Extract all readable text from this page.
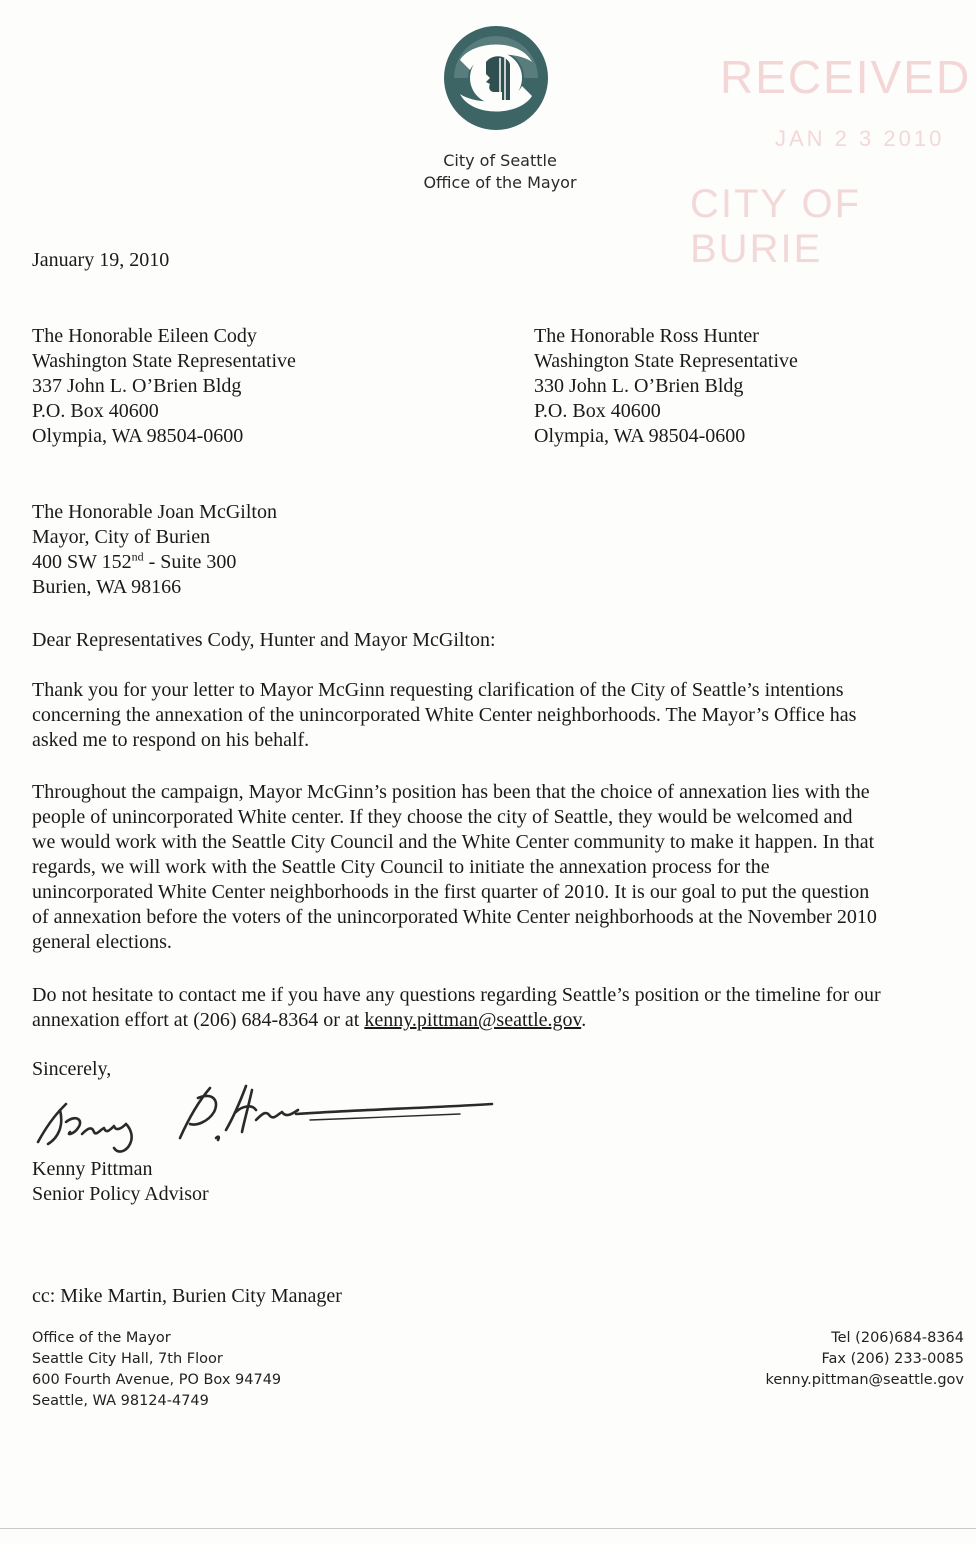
City of Seattle
Office of the Mayor
RECEIVED
JAN 2 3 2010
CITY OF BURIE
January 19, 2010
The Honorable Eileen Cody
Washington State Representative
337 John L. O’Brien Bldg
P.O. Box 40600
Olympia, WA 98504-0600
The Honorable Ross Hunter
Washington State Representative
330 John L. O’Brien Bldg
P.O. Box 40600
Olympia, WA 98504-0600
The Honorable Joan McGilton
Mayor, City of Burien
400 SW 152nd - Suite 300
Burien, WA 98166
Dear Representatives Cody, Hunter and Mayor McGilton:
Thank you for your letter to Mayor McGinn requesting clarification of the City of Seattle’s intentions
concerning the annexation of the unincorporated White Center neighborhoods. The Mayor’s Office has
asked me to respond on his behalf.
Throughout the campaign, Mayor McGinn’s position has been that the choice of annexation lies with the
people of unincorporated White center. If they choose the city of Seattle, they would be welcomed and
we would work with the Seattle City Council and the White Center community to make it happen. In that
regards, we will work with the Seattle City Council to initiate the annexation process for the
unincorporated White Center neighborhoods in the first quarter of 2010. It is our goal to put the question
of annexation before the voters of the unincorporated White Center neighborhoods at the November 2010
general elections.
Do not hesitate to contact me if you have any questions regarding Seattle’s position or the timeline for our
annexation effort at (206) 684-8364 or at kenny.pittman@seattle.gov.
Sincerely,
Kenny Pittman
Senior Policy Advisor
cc: Mike Martin, Burien City Manager
Office of the Mayor
Seattle City Hall, 7th Floor
600 Fourth Avenue, PO Box 94749
Seattle, WA 98124-4749
Tel (206)684-8364
Fax (206) 233-0085
kenny.pittman@seattle.gov
